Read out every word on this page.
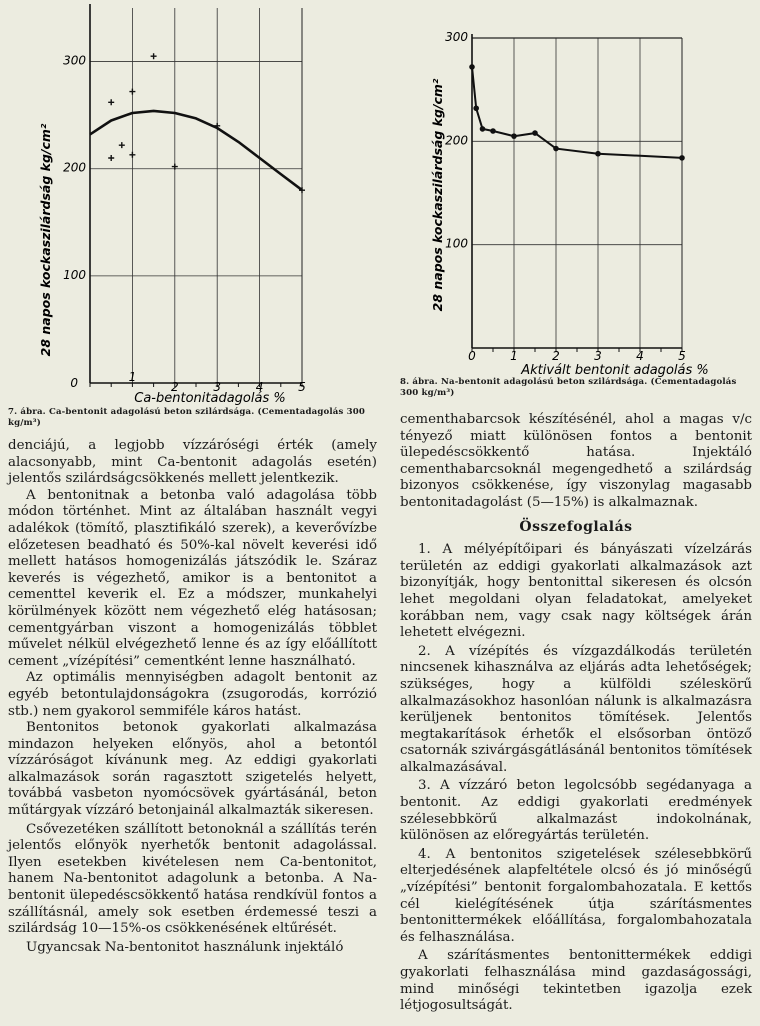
1
2	3	4	5
100
200
300
0
28 napos kockaszilárdság kg/cm²
Ca-bentonitadagolás %
7. ábra. Ca-bentonit adagolású beton szilárdsága. (Cementadagolás 300 kg/m³)
0	1	2	3	4	5
100
200
300
28 napos kockaszilárdság kg/cm²
Aktivált bentonit adagolás %
8. ábra. Na-bentonit adagolású beton szilárdsága. (Cementadagolás 300 kg/m³)

denciájú, a legjobb vízzáróségi érték (amely alacsonyabb, mint Ca-bentonit adagolás esetén) jelentős szilárdságcsökkenés mellett jelentkezik.

A bentonitnak a betonba való adagolása több módon történhet. Mint az általában használt vegyi adalékok (tömítő, plasztifikáló szerek), a keverővízbe előzetesen beadható és 50%-kal növelt keverési idő mellett hatásos homogenizálás játszódik le. Száraz keverés is végezhető, amikor is a bentonitot a cementtel keverik el. Ez a módszer, munkahelyi körülmények között nem végezhető elég hatásosan; cementgyárban viszont a homogenizálás többlet művelet nélkül elvégezhető lenne és az így előállított cement „vízépítési” cementként lenne használható.

Az optimális mennyiségben adagolt bentonit az egyéb betontulajdonságokra (zsugorodás, korrózió stb.) nem gyakorol semmiféle káros hatást.

Bentonitos betonok gyakorlati alkalmazása mindazon helyeken előnyös, ahol a betontól vízzáróságot kívánunk meg. Az eddigi gyakorlati alkalmazások során ragasztott szigetelés helyett, továbbá vasbeton nyomócsövek gyártásánál, beton műtárgyak vízzáró betonjainál alkalmazták sikeresen.

Csővezetéken szállított betonoknál a szállítás terén jelentős előnyök nyerhetők bentonit adagolással. Ilyen esetekben kivételesen nem Ca-bentonitot, hanem Na-bentonitot adagolunk a betonba. A Na-bentonit ülepedéscsökkentő hatása rendkívül fontos a szállításnál, amely sok esetben érdemessé teszi a szilárdság 10—15%-os csökkenésének eltűrését.

Ugyancsak Na-bentonitot használunk injektáló

cementhabarcsok készítésénél, ahol a magas v/c tényező miatt különösen fontos a bentonit ülepedéscsökkentő hatása. Injektáló cementhabarcsoknál megengedhető a szilárdság bizonyos csökkenése, így viszonylag magasabb bentonitadagolást (5—15%) is alkalmaznak.

Összefoglalás

1. A mélyépítőipari és bányászati vízelzárás területén az eddigi gyakorlati alkalmazások azt bizonyítják, hogy bentonittal sikeresen és olcsón lehet megoldani olyan feladatokat, amelyeket korábban nem, vagy csak nagy költségek árán lehetett elvégezni.

2. A vízépítés és vízgazdálkodás területén nincsenek kihasználva az eljárás adta lehetőségek; szükséges, hogy a külföldi széleskörű alkalmazásokhoz hasonlóan nálunk is alkalmazásra kerüljenek bentonitos tömítések. Jelentős megtakarítások érhetők el elsősorban öntöző csatornák szivárgásgátlásánál bentonitos tömítések alkalmazásával.

3. A vízzáró beton legolcsóbb segédanyaga a bentonit. Az eddigi gyakorlati eredmények szélesebbkörű alkalmazást indokolnának, különösen az előregyártás területén.

4. A bentonitos szigetelések szélesebbkörű elterjedésének alapfeltétele olcsó és jó minőségű „vízépítési” bentonit forgalombahozatala. E kettős cél kielégítésének útja szárításmentes bentonittermékek előállítása, forgalombahozatala és felhasználása.

A szárításmentes bentonittermékek eddigi gyakorlati felhasználása mind gazdaságossági, mind minőségi tekintetben igazolja ezek létjogosultságát.
